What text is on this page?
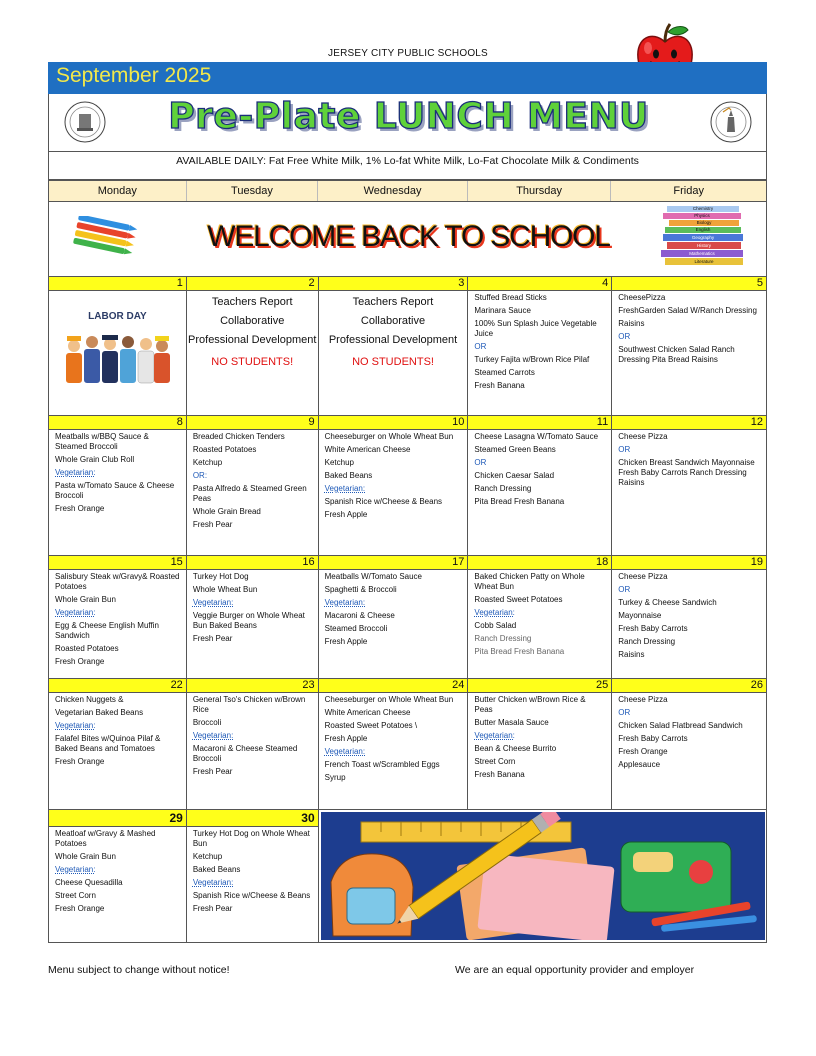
JERSEY CITY PUBLIC SCHOOLS
September 2025
Pre-Plate LUNCH MENU
AVAILABLE DAILY: Fat Free White Milk, 1% Lo-fat White Milk, Lo-Fat Chocolate Milk & Condiments
Monday	Tuesday	Wednesday	Thursday	Friday
WELCOME BACK TO SCHOOL
Chemistry
Physics
Biology
English
Geography
History
Mathematics
Literature
1
LABOR DAY
2
Teachers Report
Collaborative
Professional Development
NO STUDENTS!
3
Teachers Report
Collaborative
Professional Development
NO STUDENTS!
4
Stuffed Bread Sticks
Marinara Sauce
100% Sun Splash Juice Vegetable Juice
OR
Turkey Fajita w/Brown Rice Pilaf
Steamed Carrots
Fresh Banana
5
CheesePizza
FreshGarden Salad W/Ranch Dressing
Raisins
OR
Southwest Chicken Salad Ranch Dressing Pita Bread Raisins
8
Meatballs w/BBQ Sauce & Steamed Broccoli
Whole Grain Club Roll
Vegetarian:
Pasta w/Tomato Sauce & Cheese Broccoli
Fresh Orange
9
Breaded Chicken Tenders
Roasted Potatoes
Ketchup
OR:
Pasta Alfredo & Steamed Green Peas
Whole Grain Bread
Fresh Pear
10
Cheeseburger on Whole Wheat Bun
White American Cheese
Ketchup
Baked Beans
Vegetarian:
Spanish Rice w/Cheese & Beans
Fresh Apple
11
Cheese Lasagna W/Tomato Sauce
Steamed Green Beans
OR
Chicken Caesar Salad
Ranch Dressing
Pita Bread Fresh Banana
12
Cheese Pizza
OR
Chicken Breast Sandwich Mayonnaise Fresh Baby Carrots Ranch Dressing Raisins
15
Salisbury Steak w/Gravy& Roasted Potatoes
Whole Grain Bun
Vegetarian:
Egg & Cheese English Muffin Sandwich
Roasted Potatoes
Fresh Orange
16
Turkey Hot Dog
Whole Wheat Bun
Vegetarian:
Veggie Burger on Whole Wheat Bun Baked Beans
Fresh Pear
17
Meatballs W/Tomato Sauce
Spaghetti & Broccoli
Vegetarian:
Macaroni & Cheese
Steamed Broccoli
Fresh Apple
18
Baked Chicken Patty on Whole Wheat Bun
Roasted Sweet Potatoes
Vegetarian:
Cobb Salad
Ranch Dressing
Pita Bread Fresh Banana
19
Cheese Pizza
OR
Turkey & Cheese Sandwich
Mayonnaise
Fresh Baby Carrots
Ranch Dressing
Raisins
22
Chicken Nuggets &
Vegetarian Baked Beans
Vegetarian:
Falafel Bites w/Quinoa Pilaf & Baked Beans and Tomatoes
Fresh Orange
23
General Tso's Chicken w/Brown Rice
Broccoli
Vegetarian:
Macaroni & Cheese Steamed Broccoli
Fresh Pear
24
Cheeseburger on Whole Wheat Bun
White American Cheese
Roasted Sweet Potatoes \
Fresh Apple
Vegetarian:
French Toast w/Scrambled Eggs
Syrup
25
Butter Chicken w/Brown Rice & Peas
Butter Masala Sauce
Vegetarian:
Bean & Cheese Burrito
Street Corn
Fresh Banana
26
Cheese Pizza
OR
Chicken Salad Flatbread Sandwich
Fresh Baby Carrots
Fresh Orange
Applesauce
29
Meatloaf w/Gravy & Mashed Potatoes
Whole Grain Bun
Vegetarian:
Cheese Quesadilla
Street Corn
Fresh Orange
30
Turkey Hot Dog on Whole Wheat Bun
Ketchup
Baked Beans
Vegetarian:
Spanish Rice w/Cheese & Beans
Fresh Pear
Menu subject to change without notice!	We are an equal opportunity provider and employer
